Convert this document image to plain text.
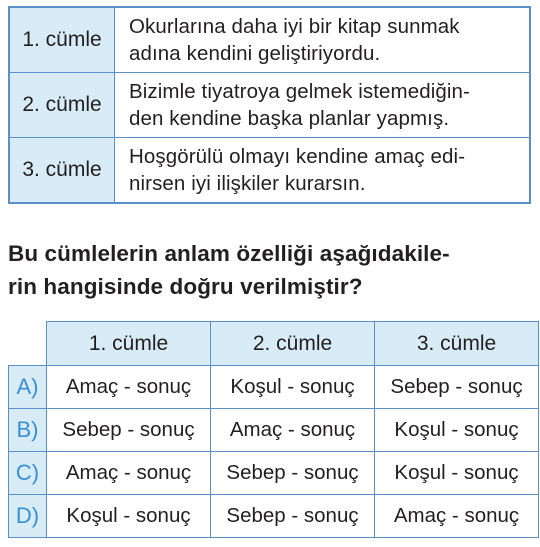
1. cümle	Okurlarına daha iyi bir kitap sunmak
adına kendini geliştiriyordu.

2. cümle	Bizimle tiyatroya gelmek istemediğin-
den kendine başka planlar yapmış.

3. cümle	Hoşgörülü olmayı kendine amaç edi-
nirsen iyi ilişkiler kurarsın.
Bu cümlelerin anlam özelliği aşağıdakile-
rin hangisinde doğru verilmiştir?
	1. cümle	2. cümle	3. cümle
A)	Amaç - sonuç	Koşul - sonuç	Sebep - sonuç
B)	Sebep - sonuç	Amaç - sonuç	Koşul - sonuç
C)	Amaç - sonuç	Sebep - sonuç	Koşul - sonuç
D)	Koşul - sonuç	Sebep - sonuç	Amaç - sonuç
